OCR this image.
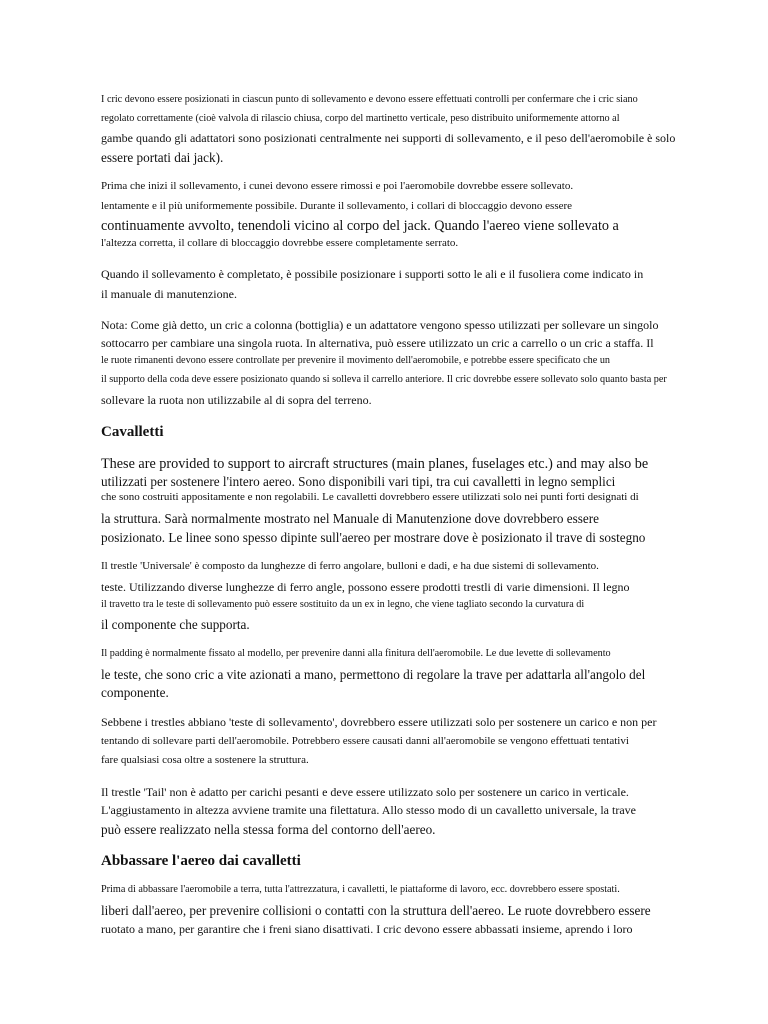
I cric devono essere posizionati in ciascun punto di sollevamento e devono essere effettuati controlli per confermare che i cric siano
regolato correttamente (cioè valvola di rilascio chiusa, corpo del martinetto verticale, peso distribuito uniformemente attorno al
gambe quando gli adattatori sono posizionati centralmente nei supporti di sollevamento, e il peso dell'aeromobile è solo
essere portati dai jack).
Prima che inizi il sollevamento, i cunei devono essere rimossi e poi l'aeromobile dovrebbe essere sollevato.
lentamente e il più uniformemente possibile. Durante il sollevamento, i collari di bloccaggio devono essere
continuamente avvolto, tenendoli vicino al corpo del jack. Quando l'aereo viene sollevato a
l'altezza corretta, il collare di bloccaggio dovrebbe essere completamente serrato.
Quando il sollevamento è completato, è possibile posizionare i supporti sotto le ali e il fusoliera come indicato in
il manuale di manutenzione.
Nota: Come già detto, un cric a colonna (bottiglia) e un adattatore vengono spesso utilizzati per sollevare un singolo
sottocarro per cambiare una singola ruota. In alternativa, può essere utilizzato un cric a carrello o un cric a staffa. Il
le ruote rimanenti devono essere controllate per prevenire il movimento dell'aeromobile, e potrebbe essere specificato che un
il supporto della coda deve essere posizionato quando si solleva il carrello anteriore. Il cric dovrebbe essere sollevato solo quanto basta per
sollevare la ruota non utilizzabile al di sopra del terreno.
Cavalletti
These are provided to support to aircraft structures (main planes, fuselages etc.) and may also be
utilizzati per sostenere l'intero aereo. Sono disponibili vari tipi, tra cui cavalletti in legno semplici
che sono costruiti appositamente e non regolabili. Le cavalletti dovrebbero essere utilizzati solo nei punti forti designati di
la struttura. Sarà normalmente mostrato nel Manuale di Manutenzione dove dovrebbero essere
posizionato. Le linee sono spesso dipinte sull'aereo per mostrare dove è posizionato il trave di sostegno
Il trestle 'Universale' è composto da lunghezze di ferro angolare, bulloni e dadi, e ha due sistemi di sollevamento.
teste. Utilizzando diverse lunghezze di ferro angle, possono essere prodotti trestli di varie dimensioni. Il legno
il travetto tra le teste di sollevamento può essere sostituito da un ex in legno, che viene tagliato secondo la curvatura di
il componente che supporta.
Il padding è normalmente fissato al modello, per prevenire danni alla finitura dell'aeromobile. Le due levette di sollevamento
le teste, che sono cric a vite azionati a mano, permettono di regolare la trave per adattarla all'angolo del
componente.
Sebbene i trestles abbiano 'teste di sollevamento', dovrebbero essere utilizzati solo per sostenere un carico e non per
tentando di sollevare parti dell'aeromobile. Potrebbero essere causati danni all'aeromobile se vengono effettuati tentativi
fare qualsiasi cosa oltre a sostenere la struttura.
Il trestle 'Tail' non è adatto per carichi pesanti e deve essere utilizzato solo per sostenere un carico in verticale.
L'aggiustamento in altezza avviene tramite una filettatura. Allo stesso modo di un cavalletto universale, la trave
può essere realizzato nella stessa forma del contorno dell'aereo.
Abbassare l'aereo dai cavalletti
Prima di abbassare l'aeromobile a terra, tutta l'attrezzatura, i cavalletti, le piattaforme di lavoro, ecc. dovrebbero essere spostati.
liberi dall'aereo, per prevenire collisioni o contatti con la struttura dell'aereo. Le ruote dovrebbero essere
ruotato a mano, per garantire che i freni siano disattivati. I cric devono essere abbassati insieme, aprendo i loro
